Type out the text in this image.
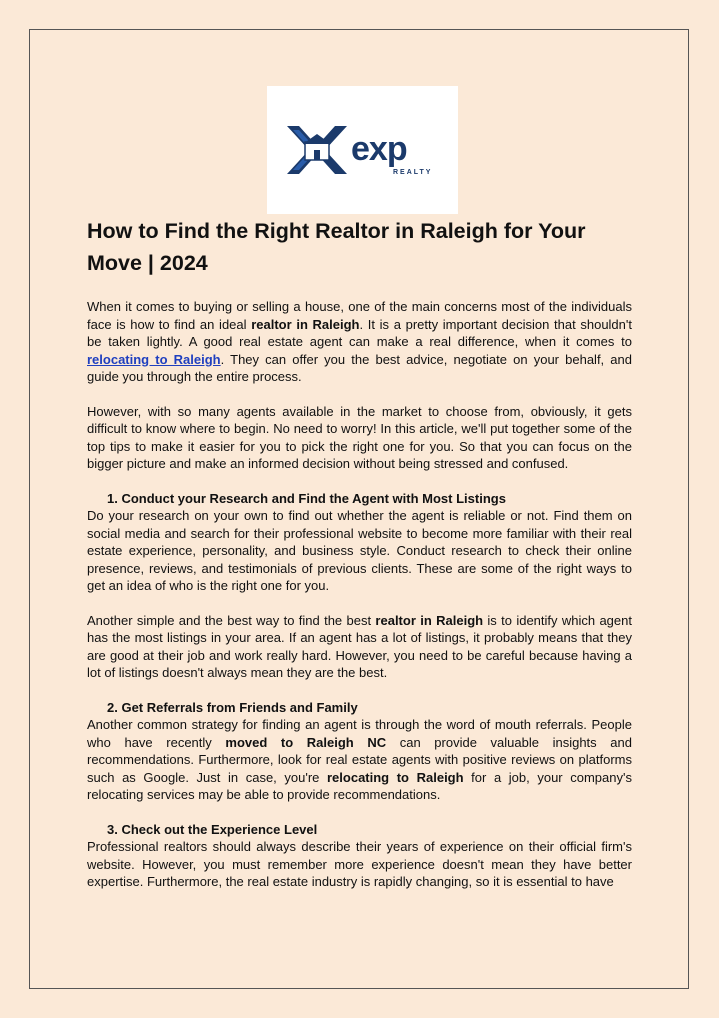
exp
REALTY
How to Find the Right Realtor in Raleigh for Your Move | 2024

When it comes to buying or selling a house, one of the main concerns most of the individuals face is how to find an ideal realtor in Raleigh. It is a pretty important decision that shouldn't be taken lightly. A good real estate agent can make a real difference, when it comes to relocating to Raleigh. They can offer you the best advice, negotiate on your behalf, and guide you through the entire process.

However, with so many agents available in the market to choose from, obviously, it gets difficult to know where to begin. No need to worry! In this article, we'll put together some of the top tips to make it easier for you to pick the right one for you. So that you can focus on the bigger picture and make an informed decision without being stressed and confused.

1. Conduct your Research and Find the Agent with Most Listings

Do your research on your own to find out whether the agent is reliable or not. Find them on social media and search for their professional website to become more familiar with their real estate experience, personality, and business style. Conduct research to check their online presence, reviews, and testimonials of previous clients. These are some of the right ways to get an idea of who is the right one for you.

Another simple and the best way to find the best realtor in Raleigh is to identify which agent has the most listings in your area. If an agent has a lot of listings, it probably means that they are good at their job and work really hard. However, you need to be careful because having a lot of listings doesn't always mean they are the best.

2. Get Referrals from Friends and Family

Another common strategy for finding an agent is through the word of mouth referrals. People who have recently moved to Raleigh NC can provide valuable insights and recommendations. Furthermore, look for real estate agents with positive reviews on platforms such as Google. Just in case, you're relocating to Raleigh for a job, your company's relocating services may be able to provide recommendations.

3. Check out the Experience Level

Professional realtors should always describe their years of experience on their official firm's website. However, you must remember more experience doesn't mean they have better expertise. Furthermore, the real estate industry is rapidly changing, so it is essential to have
